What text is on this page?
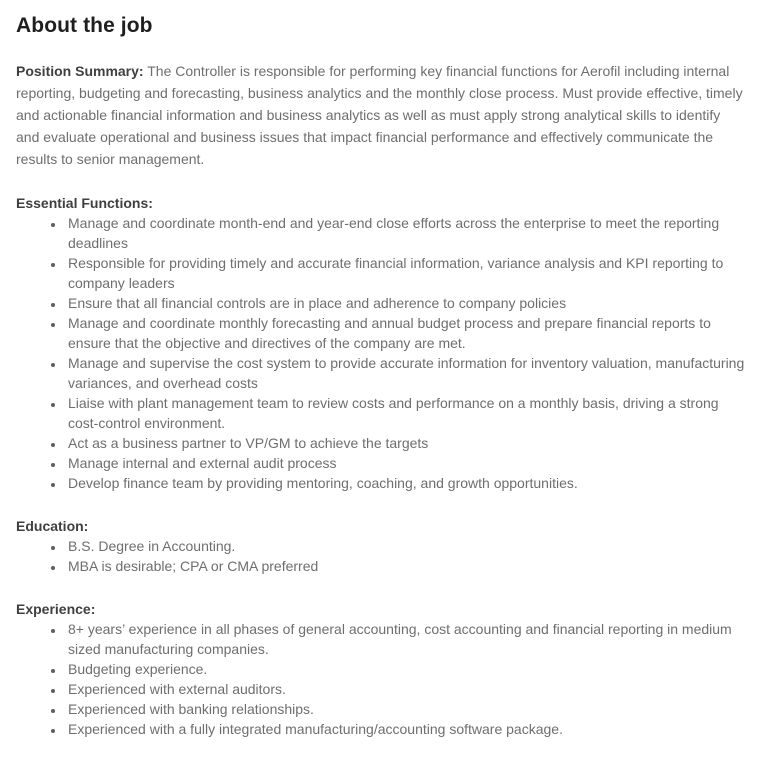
About the job

Position Summary: The Controller is responsible for performing key financial functions for Aerofil including internal reporting, budgeting and forecasting, business analytics and the monthly close process. Must provide effective, timely and actionable financial information and business analytics as well as must apply strong analytical skills to identify and evaluate operational and business issues that impact financial performance and effectively communicate the results to senior management.

Essential Functions:
• Manage and coordinate month-end and year-end close efforts across the enterprise to meet the reporting deadlines
• Responsible for providing timely and accurate financial information, variance analysis and KPI reporting to company leaders
• Ensure that all financial controls are in place and adherence to company policies
• Manage and coordinate monthly forecasting and annual budget process and prepare financial reports to ensure that the objective and directives of the company are met.
• Manage and supervise the cost system to provide accurate information for inventory valuation, manufacturing variances, and overhead costs
• Liaise with plant management team to review costs and performance on a monthly basis, driving a strong cost-control environment.
• Act as a business partner to VP/GM to achieve the targets
• Manage internal and external audit process
• Develop finance team by providing mentoring, coaching, and growth opportunities.
Education:
• B.S. Degree in Accounting.
• MBA is desirable; CPA or CMA preferred
Experience:
• 8+ years’ experience in all phases of general accounting, cost accounting and financial reporting in medium sized manufacturing companies.
• Budgeting experience.
• Experienced with external auditors.
• Experienced with banking relationships.
• Experienced with a fully integrated manufacturing/accounting software package.
